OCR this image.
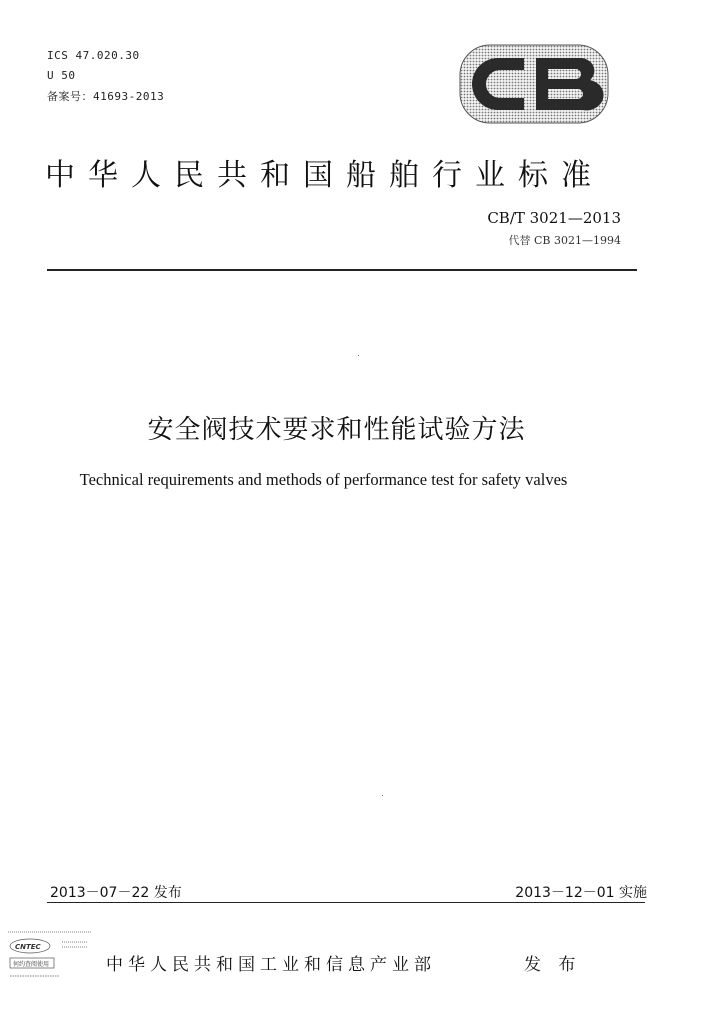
ICS 47.020.30
U 50
备案号：41693-2013
中华人民共和国船舶行业标准
CB/T 3021—2013
代替 CB 3021—1994
安全阀技术要求和性能试验方法
Technical requirements and methods of performance test for safety valves
2013－07－22 发布	2013－12－01 实施
CNTEC
何约查阅使用	中华人民共和国工业和信息产业部	发 布
